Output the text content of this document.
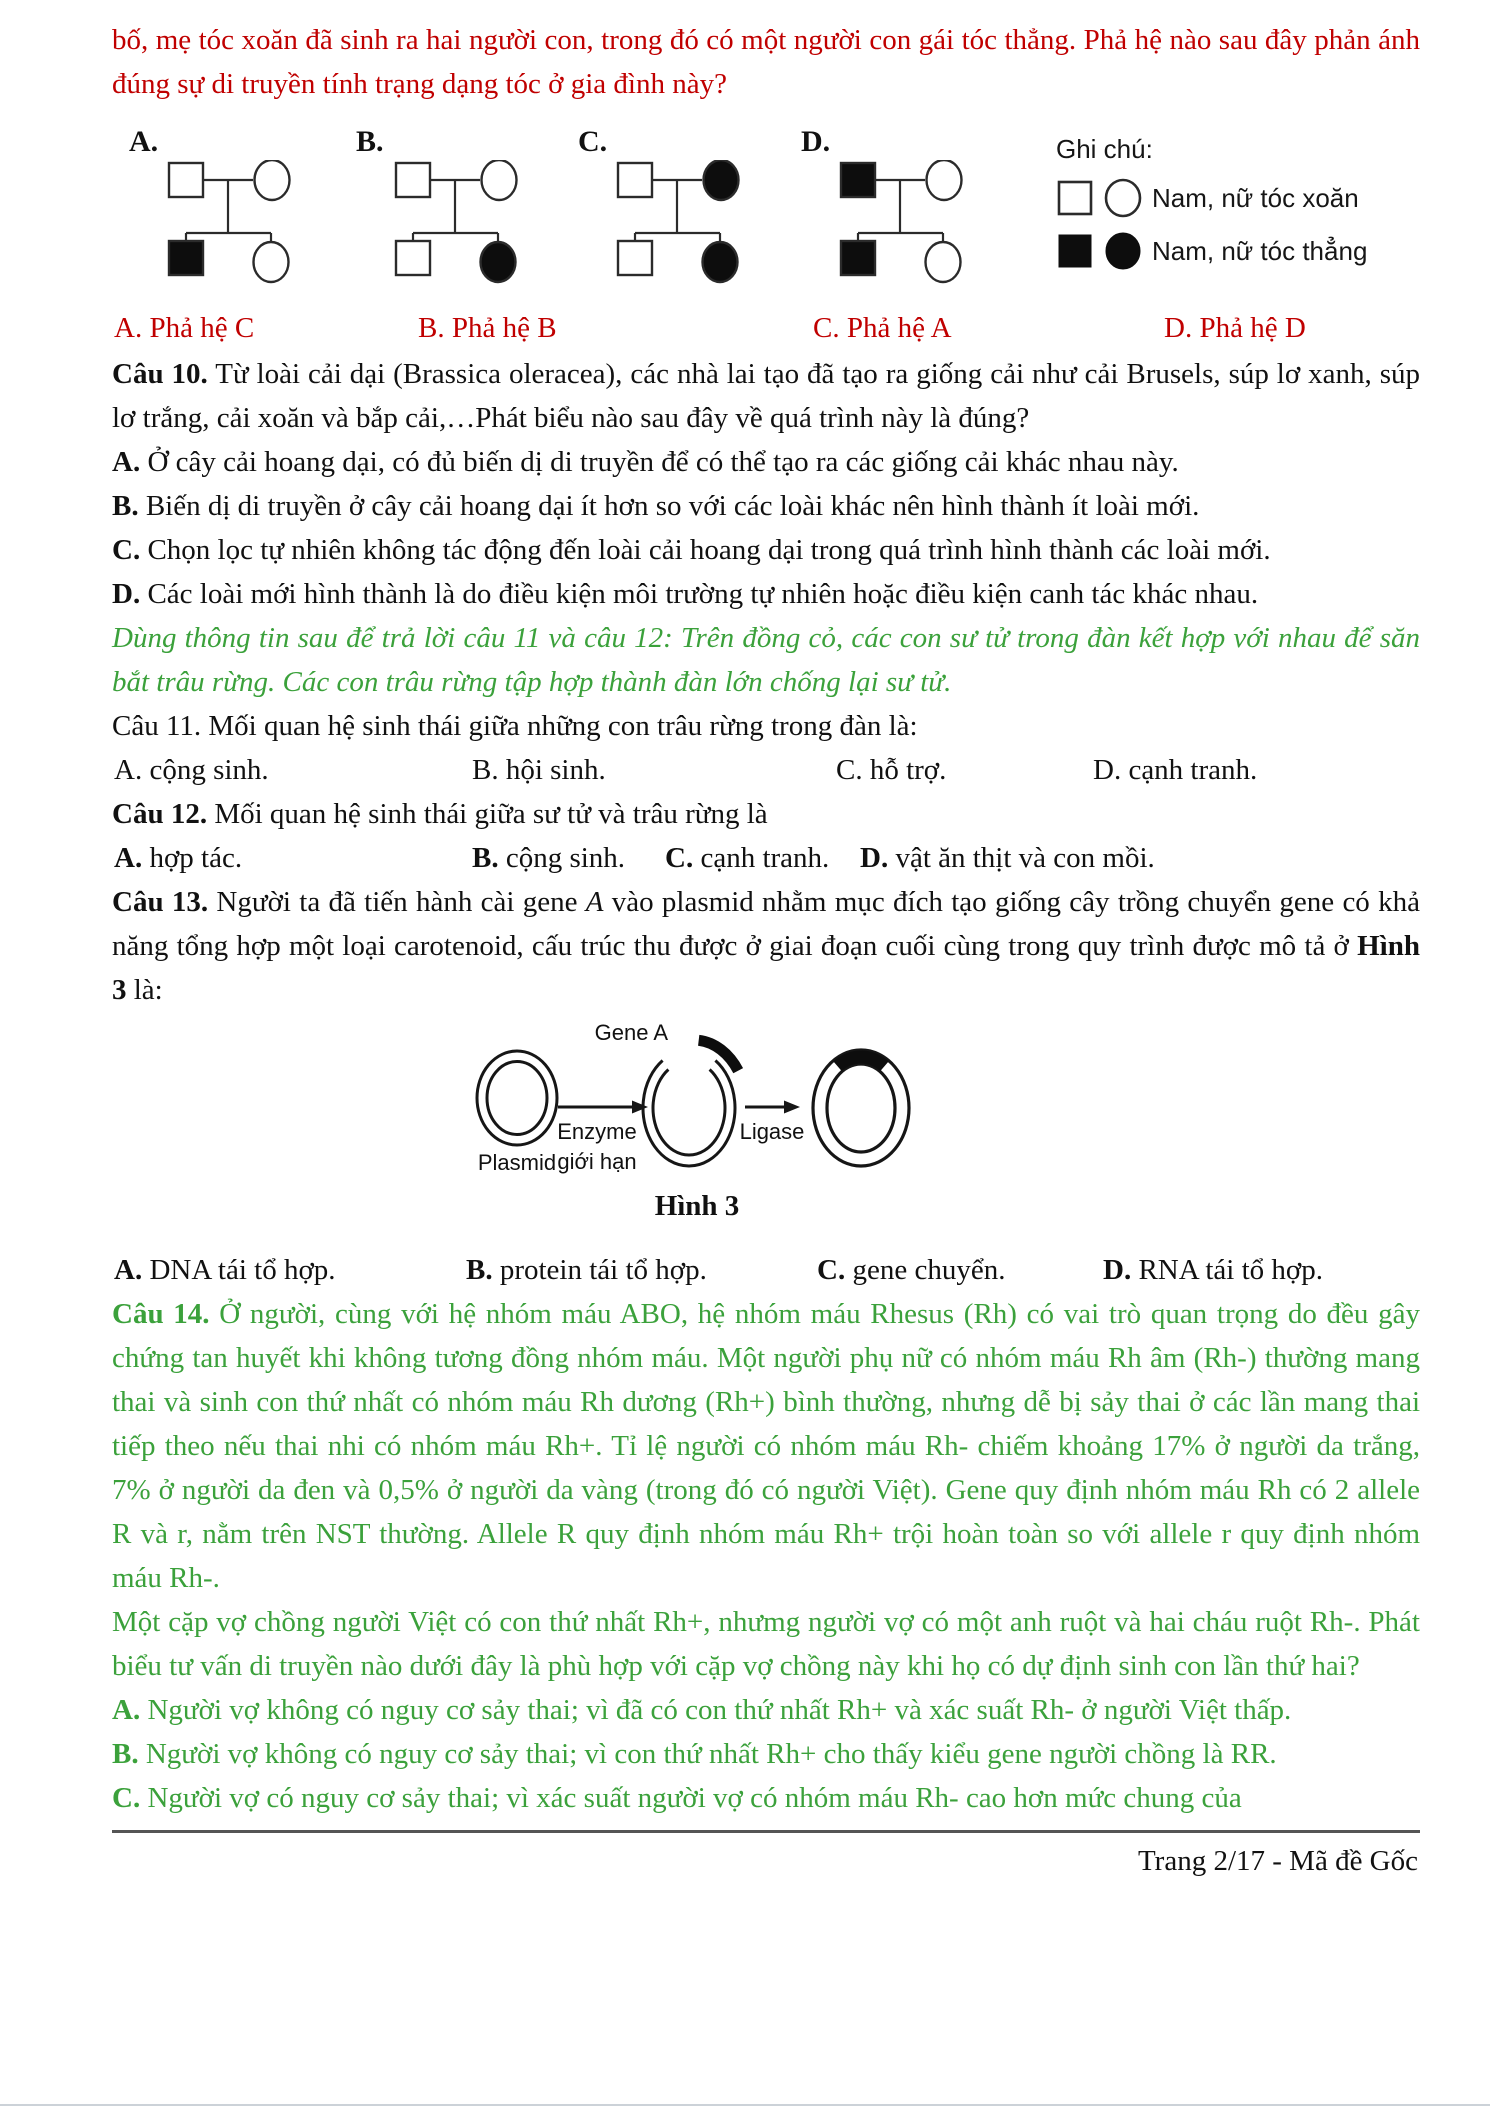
bố, mẹ tóc xoăn đã sinh ra hai người con, trong đó có một người con gái tóc thẳng. Phả hệ nào sau đây phản ánh đúng sự di truyền tính trạng dạng tóc ở gia đình này?

A.	B.	C.	D.	Ghi chú:
Nam, nữ tóc xoăn
Nam, nữ tóc thẳng
A. Phả hệ C	B. Phả hệ B	C. Phả hệ A	D. Phả hệ D

Câu 10. Từ loài cải dại (Brassica oleracea), các nhà lai tạo đã tạo ra giống cải như cải Brusels, súp lơ xanh, súp lơ trắng, cải xoăn và bắp cải,…Phát biểu nào sau đây về quá trình này là đúng?

A. Ở cây cải hoang dại, có đủ biến dị di truyền để có thể tạo ra các giống cải khác nhau này.

B. Biến dị di truyền ở cây cải hoang dại ít hơn so với các loài khác nên hình thành ít loài mới.

C. Chọn lọc tự nhiên không tác động đến loài cải hoang dại trong quá trình hình thành các loài mới.

D. Các loài mới hình thành là do điều kiện môi trường tự nhiên hoặc điều kiện canh tác khác nhau.

Dùng thông tin sau để trả lời câu 11 và câu 12: Trên đồng cỏ, các con sư tử trong đàn kết hợp với nhau để săn bắt trâu rừng. Các con trâu rừng tập hợp thành đàn lớn chống lại sư tử.

Câu 11. Mối quan hệ sinh thái giữa những con trâu rừng trong đàn là:

A. cộng sinh.	B. hội sinh.	C. hỗ trợ.	D. cạnh tranh.

Câu 12. Mối quan hệ sinh thái giữa sư tử và trâu rừng là

A. hợp tác.	B. cộng sinh. C. cạnh tranh. D. vật ăn thịt và con mồi.

Câu 13. Người ta đã tiến hành cài gene A vào plasmid nhằm mục đích tạo giống cây trồng chuyển gene có khả năng tổng hợp một loại carotenoid, cấu trúc thu được ở giai đoạn cuối cùng trong quy trình được mô tả ở Hình 3 là:

Plasmid
Enzyme
giới hạn
Gene A
Ligase
Hình 3
A. DNA tái tổ hợp.	B. protein tái tổ hợp.	C. gene chuyển.	D. RNA tái tổ hợp.

Câu 14. Ở người, cùng với hệ nhóm máu ABO, hệ nhóm máu Rhesus (Rh) có vai trò quan trọng do đều gây chứng tan huyết khi không tương đồng nhóm máu. Một người phụ nữ có nhóm máu Rh âm (Rh-) thường mang thai và sinh con thứ nhất có nhóm máu Rh dương (Rh+) bình thường, nhưng dễ bị sảy thai ở các lần mang thai tiếp theo nếu thai nhi có nhóm máu Rh+. Tỉ lệ người có nhóm máu Rh- chiếm khoảng 17% ở người da trắng, 7% ở người da đen và 0,5% ở người da vàng (trong đó có người Việt). Gene quy định nhóm máu Rh có 2 allele R và r, nằm trên NST thường. Allele R quy định nhóm máu Rh+ trội hoàn toàn so với allele r quy định nhóm máu Rh-.

Một cặp vợ chồng người Việt có con thứ nhất Rh+, nhưmg người vợ có một anh ruột và hai cháu ruột Rh-. Phát biểu tư vấn di truyền nào dưới đây là phù hợp với cặp vợ chồng này khi họ có dự định sinh con lần thứ hai?

A. Người vợ không có nguy cơ sảy thai; vì đã có con thứ nhất Rh+ và xác suất Rh- ở người Việt thấp.

B. Người vợ không có nguy cơ sảy thai; vì con thứ nhất Rh+ cho thấy kiểu gene người chồng là RR.

C. Người vợ có nguy cơ sảy thai; vì xác suất người vợ có nhóm máu Rh- cao hơn mức chung của

Trang 2/17 - Mã đề Gốc
